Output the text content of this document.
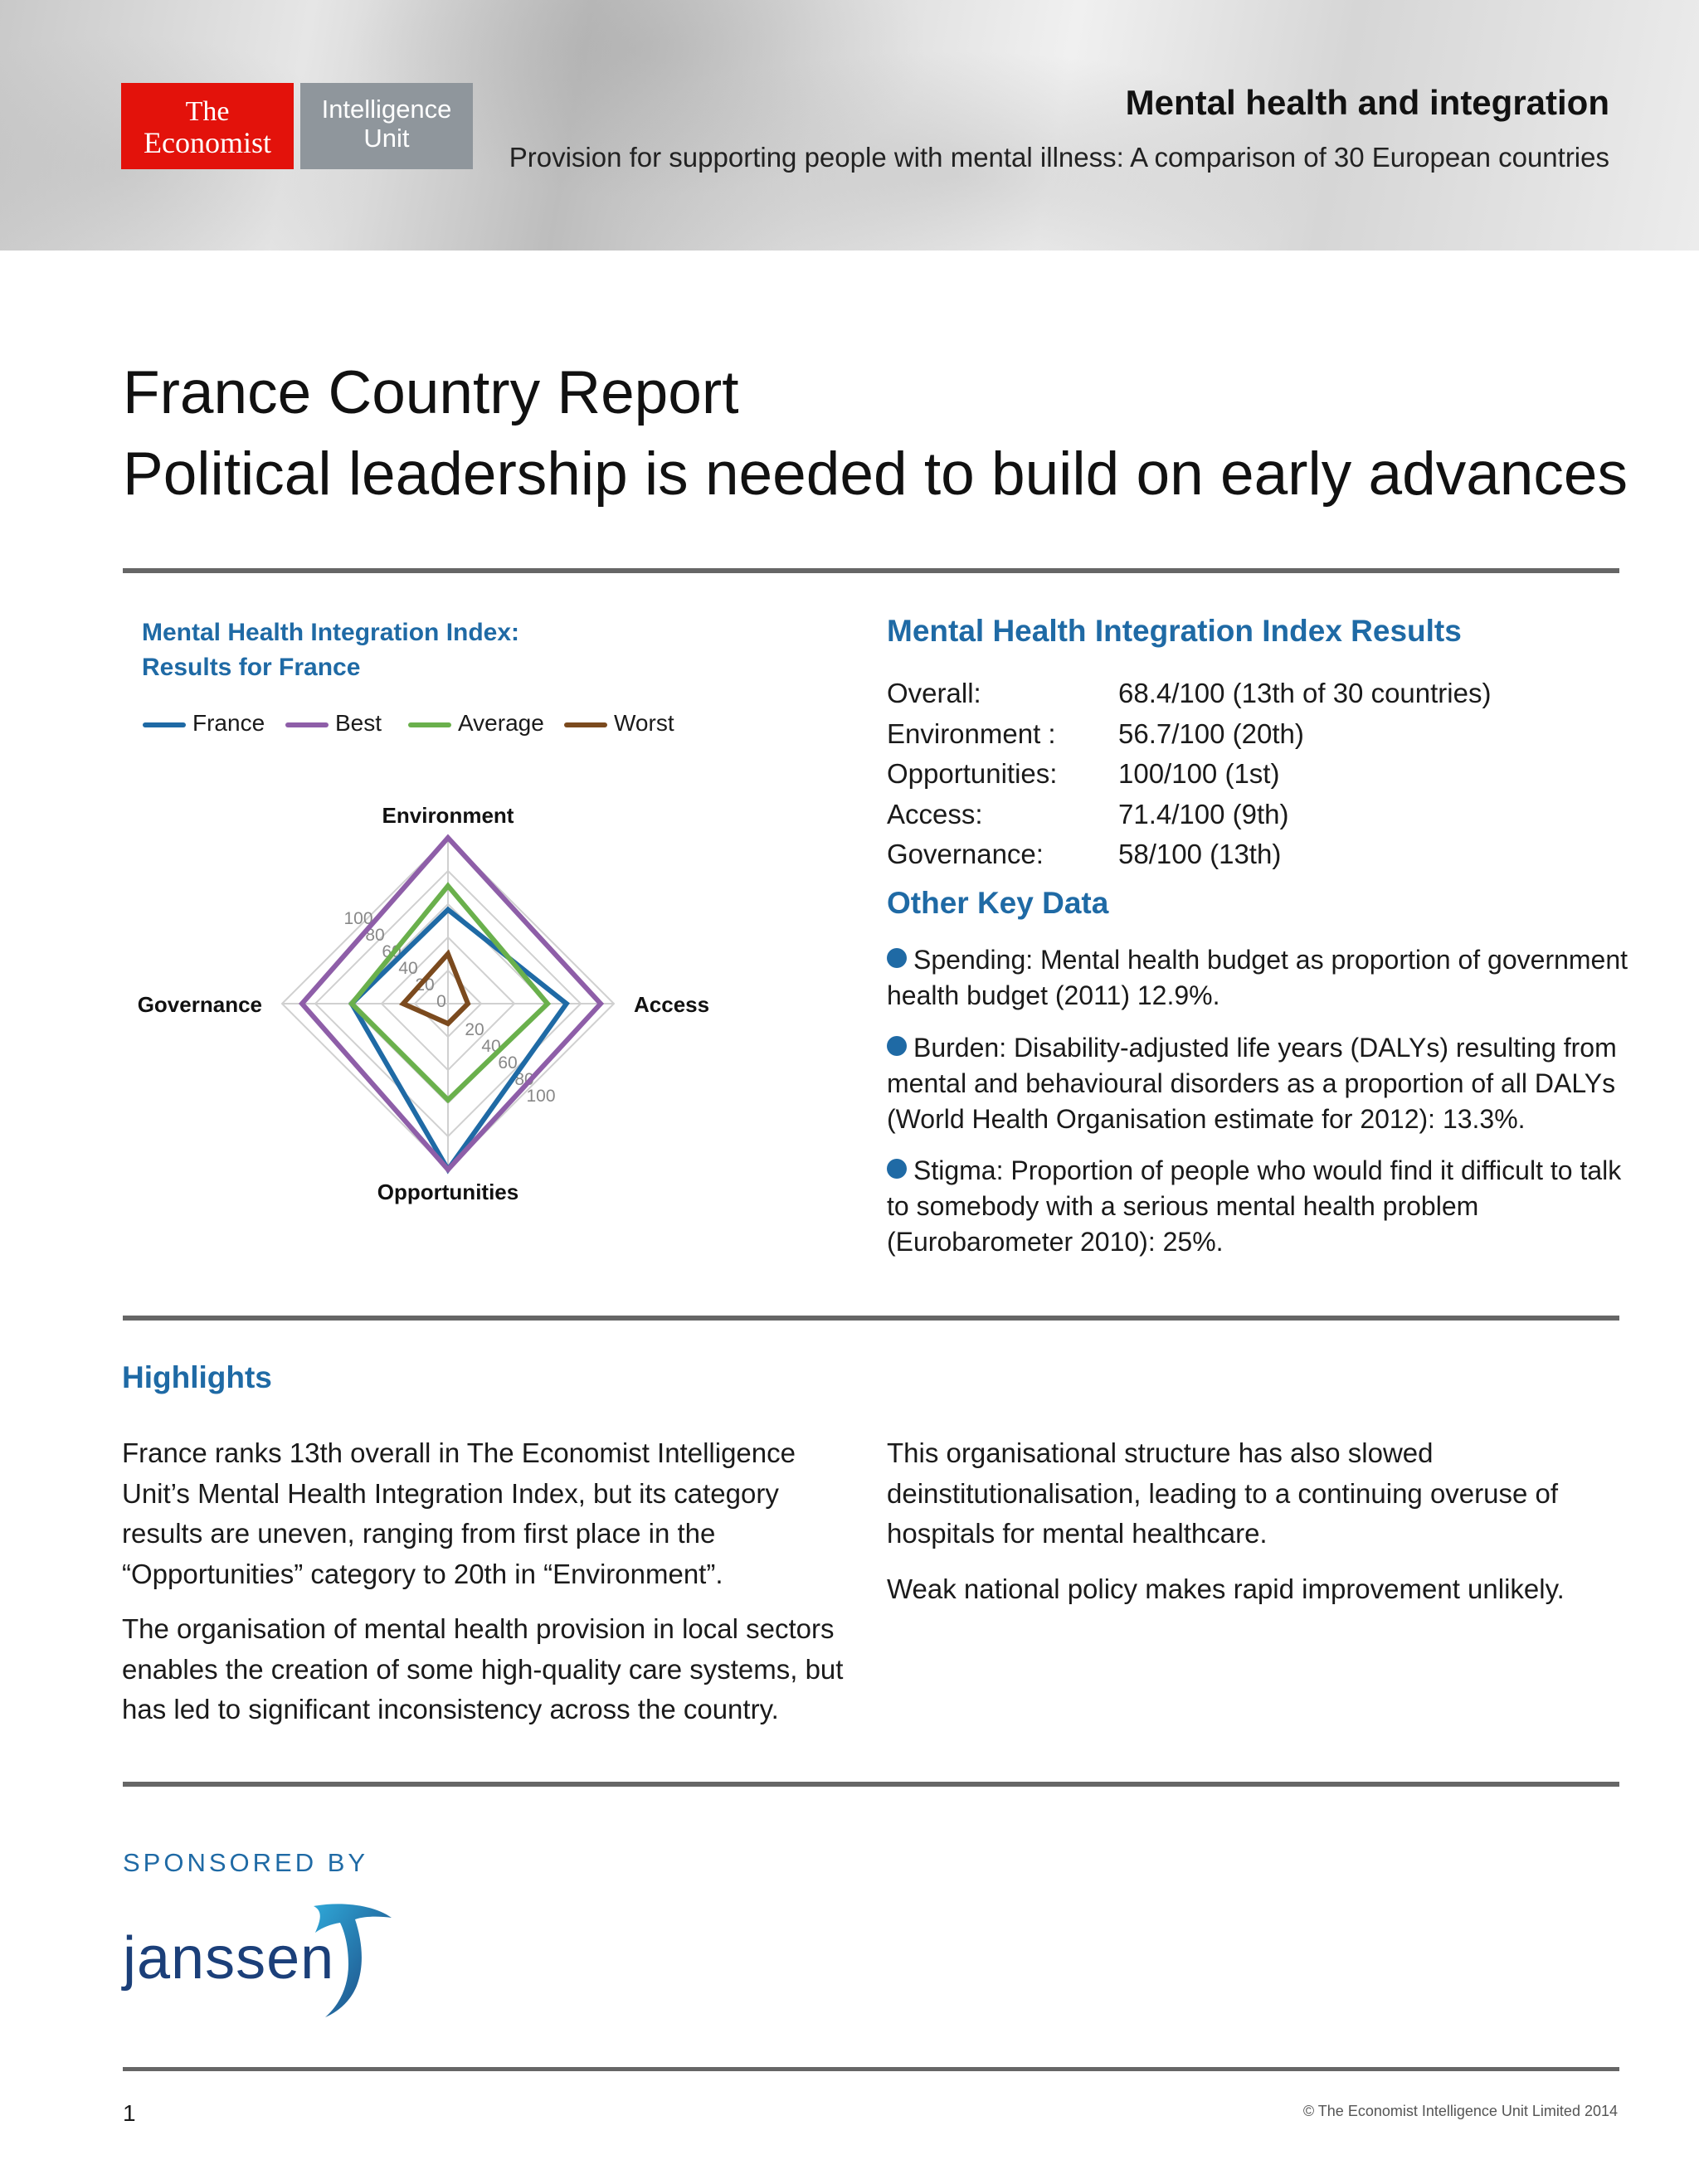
The
Economist
Intelligence
Unit
Mental health and integration
Provision for supporting people with mental illness: A comparison of 30 European countries
France Country Report
Political leadership is needed to build on early advances
Mental Health Integration Index:
Results for France
France	Best	Average	Worst
0
20
20
40
40
60
60
80
80
100
100
Environment
Access
Opportunities
Governance
Mental Health Integration Index Results
Overall:	68.4/100 (13th of 30 countries)
Environment : 56.7/100 (20th)
Opportunities: 100/100 (1st)
Access:	71.4/100 (9th)
Governance:	58/100 (13th)
Other Key Data
Spending: Mental health budget as proportion of government health budget (2011) 12.9%.
Burden: Disability-adjusted life years (DALYs) resulting from mental and behavioural disorders as a proportion of all DALYs (World Health Organisation estimate for 2012): 13.3%.
Stigma: Proportion of people who would find it difficult to talk to somebody with a serious mental health problem (Eurobarometer 2010): 25%.
Highlights
France ranks 13th overall in The Economist Intelligence Unit’s Mental Health Integration Index, but its category results are uneven, ranging from first place in the “Opportunities” category to 20th in “Environment”.
The organisation of mental health provision in local sectors enables the creation of some high-quality care systems, but has led to significant inconsistency across the country.
This organisational structure has also slowed deinstitutionalisation, leading to a continuing overuse of hospitals for mental healthcare.
Weak national policy makes rapid improvement unlikely.
SPONSORED BY
janssen
1	© The Economist Intelligence Unit Limited 2014
